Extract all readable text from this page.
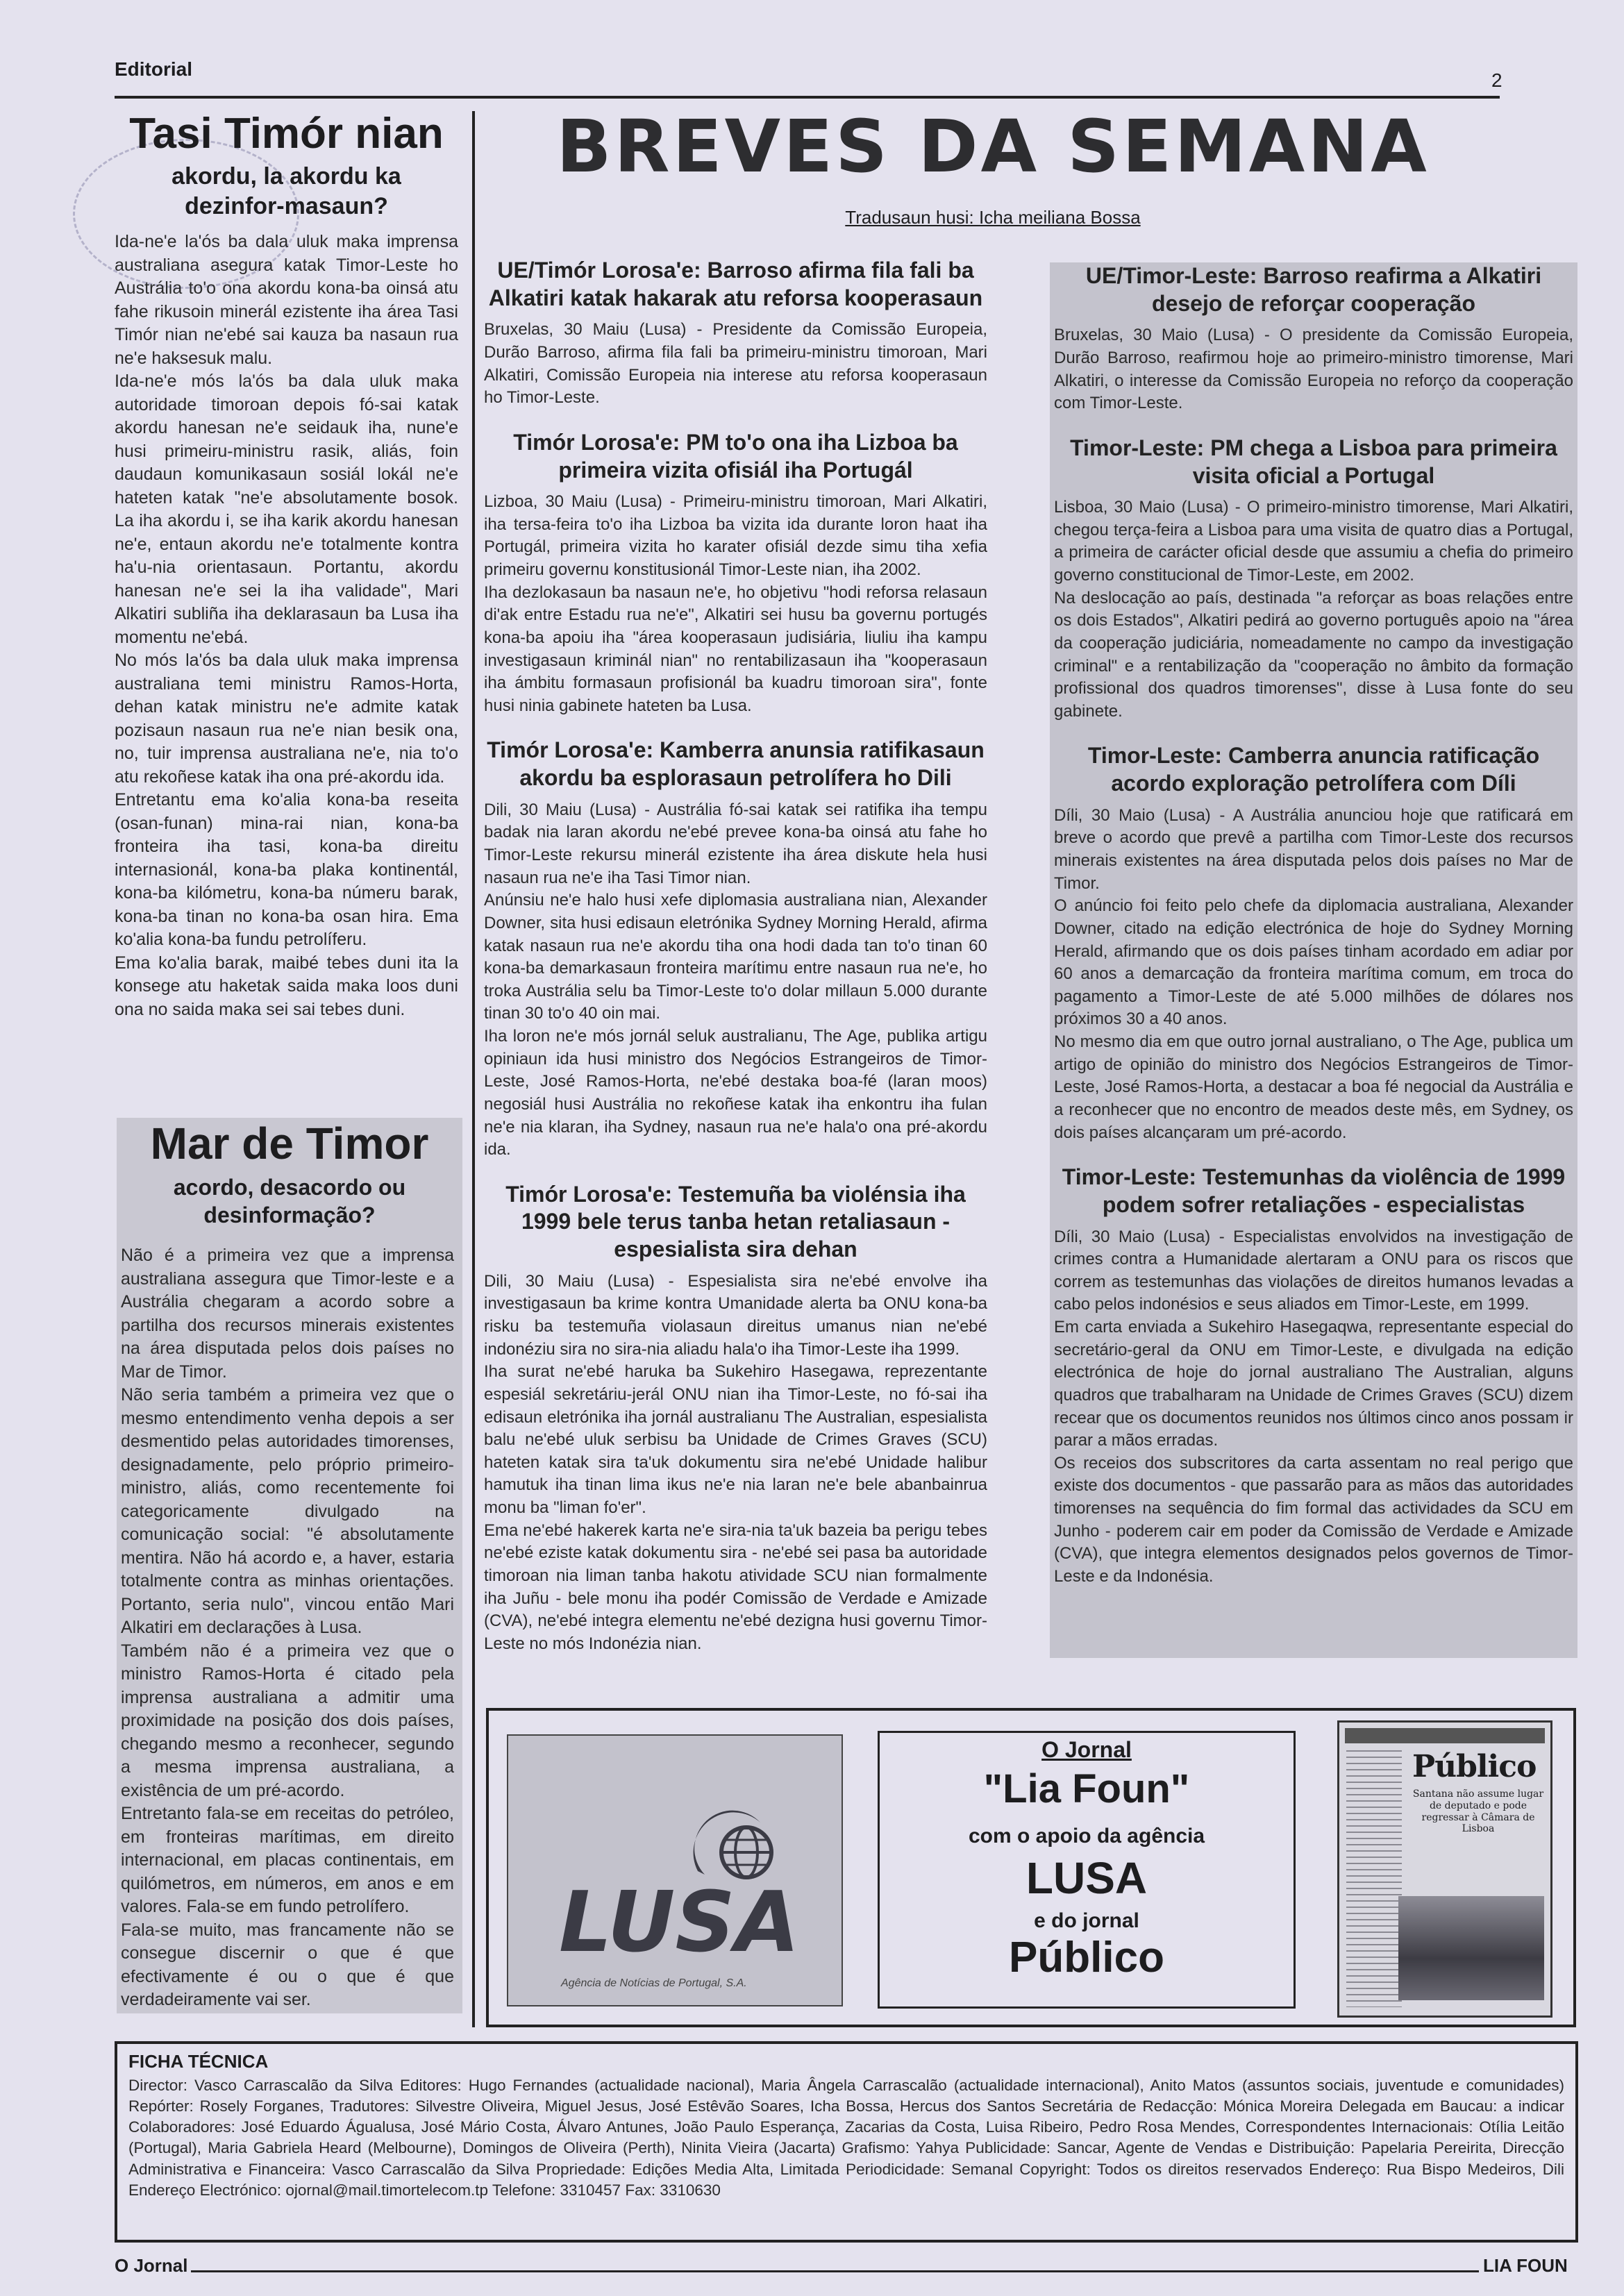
Editorial
2
Tasi Timór nian
akordu, la akordu ka dezinfor-masaun?

Ida-ne'e la'ós ba dala uluk maka imprensa australiana asegura katak Timor-Leste ho Austrália to'o ona akordu kona-ba oinsá atu fahe rikusoin minerál ezistente iha área Tasi Timór nian ne'ebé sai kauza ba nasaun rua ne'e haksesuk malu.

Ida-ne'e mós la'ós ba dala uluk maka autoridade timoroan depois fó-sai katak akordu hanesan ne'e seidauk iha, nune'e husi primeiru-ministru rasik, aliás, foin daudaun komunikasaun sosiál lokál ne'e hateten katak "ne'e absolutamente bosok. La iha akordu i, se iha karik akordu hanesan ne'e, entaun akordu ne'e totalmente kontra ha'u-nia orientasaun. Portantu, akordu hanesan ne'e sei la iha validade", Mari Alkatiri subliña iha deklarasaun ba Lusa iha momentu ne'ebá.

No mós la'ós ba dala uluk maka imprensa australiana temi ministru Ramos-Horta, dehan katak ministru ne'e admite katak pozisaun nasaun rua ne'e nian besik ona, no, tuir imprensa australiana ne'e, nia to'o atu rekoñese katak iha ona pré-akordu ida.

Entretantu ema ko'alia kona-ba reseita (osan-funan) mina-rai nian, kona-ba fronteira iha tasi, kona-ba direitu internasionál, kona-ba plaka kontinentál, kona-ba kilómetru, kona-ba númeru barak, kona-ba tinan no kona-ba osan hira. Ema ko'alia kona-ba fundu petrolíferu.

Ema ko'alia barak, maibé tebes duni ita la konsege atu haketak saida maka loos duni ona no saida maka sei sai tebes duni.

Mar de Timor
acordo, desacordo ou desinformação?

Não é a primeira vez que a imprensa australiana assegura que Timor-leste e a Austrália chegaram a acordo sobre a partilha dos recursos minerais existentes na área disputada pelos dois países no Mar de Timor.

Não seria também a primeira vez que o mesmo entendimento venha depois a ser desmentido pelas autoridades timorenses, designadamente, pelo próprio primeiro-ministro, aliás, como recentemente foi categoricamente divulgado na comunicação social: "é absolutamente mentira. Não há acordo e, a haver, estaria totalmente contra as minhas orientações. Portanto, seria nulo", vincou então Mari Alkatiri em declarações à Lusa.

Também não é a primeira vez que o ministro Ramos-Horta é citado pela imprensa australiana a admitir uma proximidade na posição dos dois países, chegando mesmo a reconhecer, segundo a mesma imprensa australiana, a existência de um pré-acordo.

Entretanto fala-se em receitas do petróleo, em fronteiras marítimas, em direito internacional, em placas continentais, em quilómetros, em números, em anos e em valores. Fala-se em fundo petrolífero.

Fala-se muito, mas francamente não se consegue discernir o que é que efectivamente é ou o que é que verdadeiramente vai ser.

BREVES DA SEMANA
Tradusaun husi: Icha meiliana Bossa
UE/Timór Lorosa'e: Barroso afirma fila fali ba Alkatiri katak hakarak atu reforsa kooperasaun

Bruxelas, 30 Maiu (Lusa) - Presidente da Comissão Europeia, Durão Barroso, afirma fila fali ba primeiru-ministru timoroan, Mari Alkatiri, Comissão Europeia nia interese atu reforsa kooperasaun ho Timor-Leste.

Timór Lorosa'e: PM to'o ona iha Lizboa ba primeira vizita ofisiál iha Portugál

Lizboa, 30 Maiu (Lusa) - Primeiru-ministru timoroan, Mari Alkatiri, iha tersa-feira to'o iha Lizboa ba vizita ida durante loron haat iha Portugál, primeira vizita ho karater ofisiál dezde simu tiha xefia primeiru governu konstitusionál Timor-Leste nian, iha 2002.

Iha dezlokasaun ba nasaun ne'e, ho objetivu "hodi reforsa relasaun di'ak entre Estadu rua ne'e", Alkatiri sei husu ba governu portugés kona-ba apoiu iha "área kooperasaun judisiária, liuliu iha kampu investigasaun kriminál nian" no rentabilizasaun iha "kooperasaun iha ámbitu formasaun profisionál ba kuadru timoroan sira", fonte husi ninia gabinete hateten ba Lusa.

Timór Lorosa'e: Kamberra anunsia ratifikasaun akordu ba esplorasaun petrolífera ho Dili

Dili, 30 Maiu (Lusa) - Austrália fó-sai katak sei ratifika iha tempu badak nia laran akordu ne'ebé prevee kona-ba oinsá atu fahe ho Timor-Leste rekursu minerál ezistente iha área diskute hela husi nasaun rua ne'e iha Tasi Timor nian.

Anúnsiu ne'e halo husi xefe diplomasia australiana nian, Alexander Downer, sita husi edisaun eletrónika Sydney Morning Herald, afirma katak nasaun rua ne'e akordu tiha ona hodi dada tan to'o tinan 60 kona-ba demarkasaun fronteira marítimu entre nasaun rua ne'e, ho troka Austrália selu ba Timor-Leste to'o dolar millaun 5.000 durante tinan 30 to'o 40 oin mai.

Iha loron ne'e mós jornál seluk australianu, The Age, publika artigu opiniaun ida husi ministro dos Negócios Estrangeiros de Timor-Leste, José Ramos-Horta, ne'ebé destaka boa-fé (laran moos) negosiál husi Austrália no rekoñese katak iha enkontru iha fulan ne'e nia klaran, iha Sydney, nasaun rua ne'e hala'o ona pré-akordu ida.

Timór Lorosa'e: Testemuña ba violénsia iha 1999 bele terus tanba hetan retaliasaun - espesialista sira dehan

Dili, 30 Maiu (Lusa) - Espesialista sira ne'ebé envolve iha investigasaun ba krime kontra Umanidade alerta ba ONU kona-ba risku ba testemuña violasaun direitus umanus nian ne'ebé indonéziu sira no sira-nia aliadu hala'o iha Timor-Leste iha 1999.

Iha surat ne'ebé haruka ba Sukehiro Hasegawa, reprezentante espesiál sekretáriu-jerál ONU nian iha Timor-Leste, no fó-sai iha edisaun eletrónika iha jornál australianu The Australian, espesialista balu ne'ebé uluk serbisu ba Unidade de Crimes Graves (SCU) hateten katak sira ta'uk dokumentu sira ne'ebé Unidade halibur hamutuk iha tinan lima ikus ne'e nia laran ne'e bele abanbainrua monu ba "liman fo'er".

Ema ne'ebé hakerek karta ne'e sira-nia ta'uk bazeia ba perigu tebes ne'ebé eziste katak dokumentu sira - ne'ebé sei pasa ba autoridade timoroan nia liman tanba hakotu atividade SCU nian formalmente iha Juñu - bele monu iha podér Comissão de Verdade e Amizade (CVA), ne'ebé integra elementu ne'ebé dezigna husi governu Timor-Leste no mós Indonézia nian.

UE/Timor-Leste: Barroso reafirma a Alkatiri desejo de reforçar cooperação

Bruxelas, 30 Maio (Lusa) - O presidente da Comissão Europeia, Durão Barroso, reafirmou hoje ao primeiro-ministro timorense, Mari Alkatiri, o interesse da Comissão Europeia no reforço da cooperação com Timor-Leste.

Timor-Leste: PM chega a Lisboa para primeira visita oficial a Portugal

Lisboa, 30 Maio (Lusa) - O primeiro-ministro timorense, Mari Alkatiri, chegou terça-feira a Lisboa para uma visita de quatro dias a Portugal, a primeira de carácter oficial desde que assumiu a chefia do primeiro governo constitucional de Timor-Leste, em 2002.

Na deslocação ao país, destinada "a reforçar as boas relações entre os dois Estados", Alkatiri pedirá ao governo português apoio na "área da cooperação judiciária, nomeadamente no campo da investigação criminal" e a rentabilização da "cooperação no âmbito da formação profissional dos quadros timorenses", disse à Lusa fonte do seu gabinete.

Timor-Leste: Camberra anuncia ratificação acordo exploração petrolífera com Díli

Díli, 30 Maio (Lusa) - A Austrália anunciou hoje que ratificará em breve o acordo que prevê a partilha com Timor-Leste dos recursos minerais existentes na área disputada pelos dois países no Mar de Timor.

O anúncio foi feito pelo chefe da diplomacia australiana, Alexander Downer, citado na edição electrónica de hoje do Sydney Morning Herald, afirmando que os dois países tinham acordado em adiar por 60 anos a demarcação da fronteira marítima comum, em troca do pagamento a Timor-Leste de até 5.000 milhões de dólares nos próximos 30 a 40 anos.

No mesmo dia em que outro jornal australiano, o The Age, publica um artigo de opinião do ministro dos Negócios Estrangeiros de Timor-Leste, José Ramos-Horta, a destacar a boa fé negocial da Austrália e a reconhecer que no encontro de meados deste mês, em Sydney, os dois países alcançaram um pré-acordo.

Timor-Leste: Testemunhas da violência de 1999 podem sofrer retaliações - especialistas

Díli, 30 Maio (Lusa) - Especialistas envolvidos na investigação de crimes contra a Humanidade alertaram a ONU para os riscos que correm as testemunhas das violações de direitos humanos levadas a cabo pelos indonésios e seus aliados em Timor-Leste, em 1999.

Em carta enviada a Sukehiro Hasegaqwa, representante especial do secretário-geral da ONU em Timor-Leste, e divulgada na edição electrónica de hoje do jornal australiano The Australian, alguns quadros que trabalharam na Unidade de Crimes Graves (SCU) dizem recear que os documentos reunidos nos últimos cinco anos possam ir parar a mãos erradas.

Os receios dos subscritores da carta assentam no real perigo que existe dos documentos - que passarão para as mãos das autoridades timorenses na sequência do fim formal das actividades da SCU em Junho - poderem cair em poder da Comissão de Verdade e Amizade (CVA), que integra elementos designados pelos governos de Timor-Leste e da Indonésia.

LUSA
Agência de Notícias de Portugal, S.A.
O Jornal
"Lia Foun"
com o apoio da agência
LUSA
e do jornal
Público
Público
Santana não assume lugar de deputado e pode regressar à Câmara de Lisboa
FICHA TÉCNICA

Director: Vasco Carrascalão da Silva Editores: Hugo Fernandes (actualidade nacional), Maria Ângela Carrascalão (actualidade internacional), Anito Matos (assuntos sociais, juventude e comunidades) Repórter: Rosely Forganes, Tradutores: Silvestre Oliveira, Miguel Jesus, José Estêvão Soares, Icha Bossa, Hercus dos Santos Secretária de Redacção: Mónica Moreira Delegada em Baucau: a indicar Colaboradores: José Eduardo Águalusa, José Mário Costa, Álvaro Antunes, João Paulo Esperança, Zacarias da Costa, Luisa Ribeiro, Pedro Rosa Mendes, Correspondentes Internacionais: Otília Leitão (Portugal), Maria Gabriela Heard (Melbourne), Domingos de Oliveira (Perth), Ninita Vieira (Jacarta) Grafismo: Yahya Publicidade: Sancar, Agente de Vendas e Distribuição: Papelaria Pereirita, Direcção Administrativa e Financeira: Vasco Carrascalão da Silva Propriedade: Edições Media Alta, Limitada Periodicidade: Semanal Copyright: Todos os direitos reservados Endereço: Rua Bispo Medeiros, Dili Endereço Electrónico: ojornal@mail.timortelecom.tp Telefone: 3310457 Fax: 3310630

O Jornal	LIA FOUN
